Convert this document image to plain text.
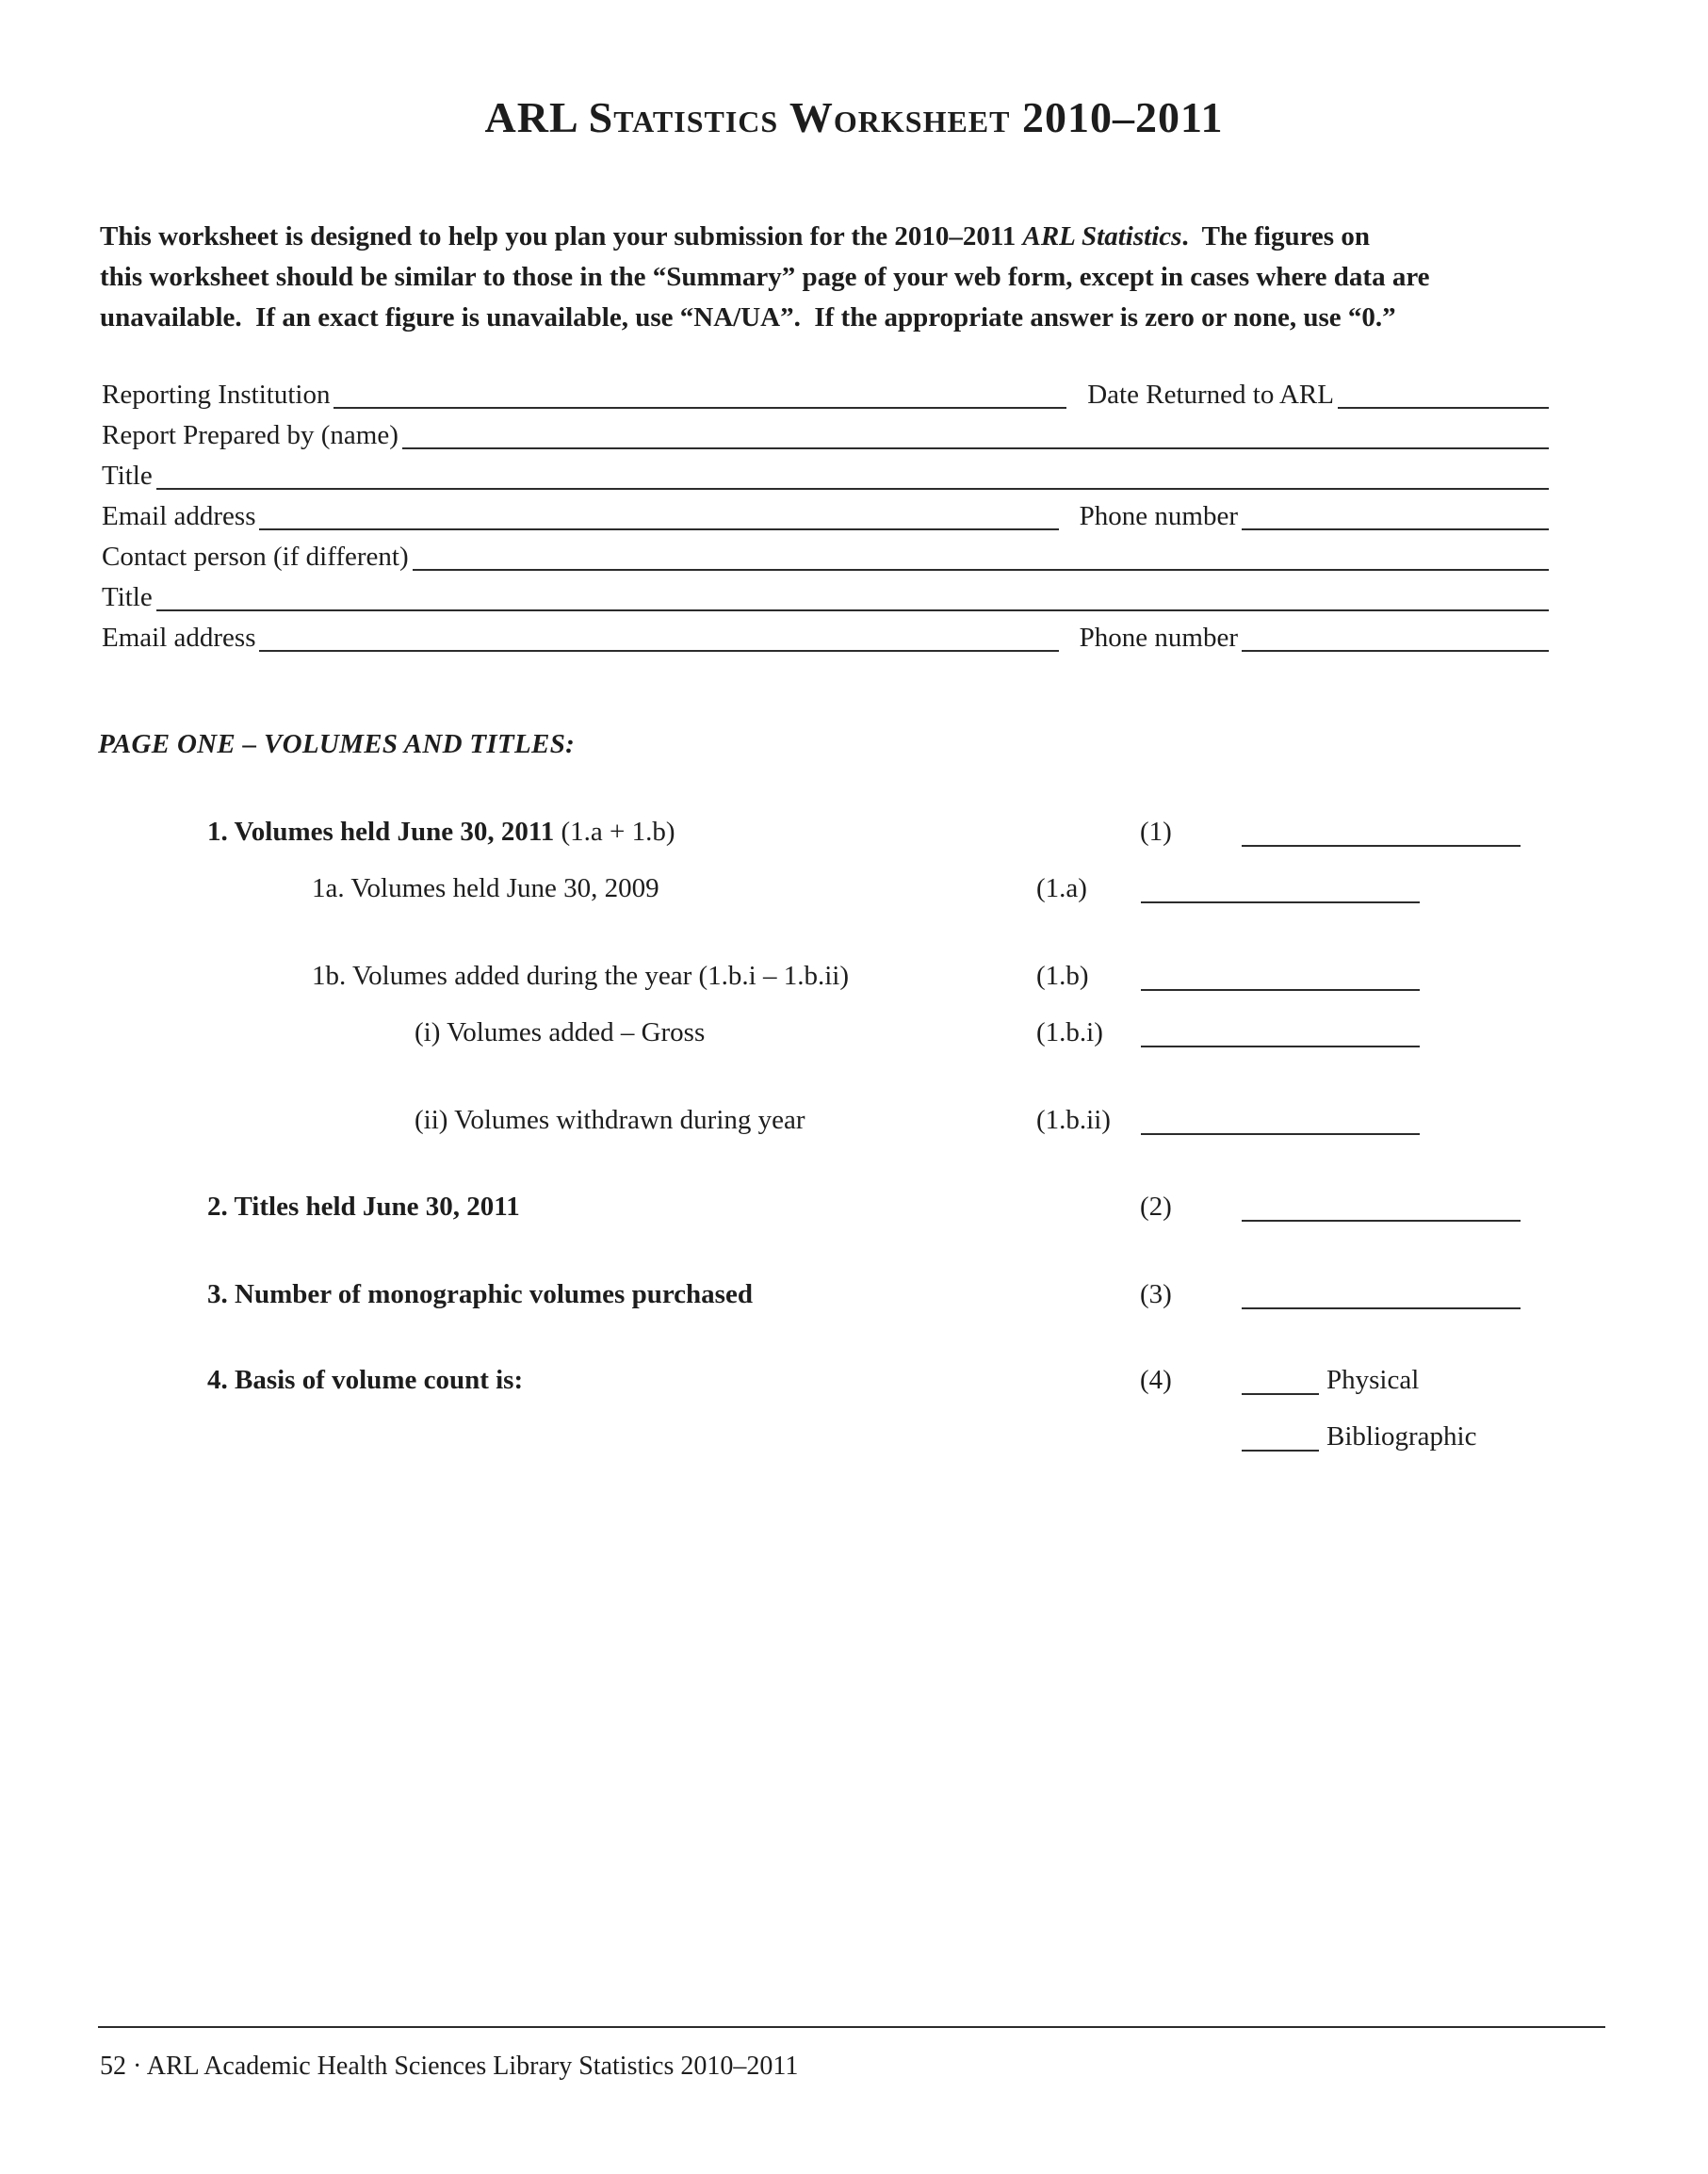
ARL Statistics Worksheet 2010–2011
This worksheet is designed to help you plan your submission for the 2010–2011 ARL Statistics.  The figures on
this worksheet should be similar to those in the “Summary” page of your web form, except in cases where data are
unavailable.  If an exact figure is unavailable, use “NA/UA”.  If the appropriate answer is zero or none, use “0.”
Reporting Institution	Date Returned to ARL
Report Prepared by (name)
Title
Email address	Phone number
Contact person (if different)
Title
Email address	Phone number
PAGE ONE – VOLUMES AND TITLES:
1. Volumes held June 30, 2011 (1.a + 1.b)	(1)
1a. Volumes held June 30, 2009	(1.a)
1b. Volumes added during the year (1.b.i – 1.b.ii)	(1.b)
(i) Volumes added – Gross	(1.b.i)
(ii) Volumes withdrawn during year	(1.b.ii)
2. Titles held June 30, 2011	(2)
3. Number of monographic volumes purchased	(3)
4. Basis of volume count is:	(4)	Physical
Bibliographic
52 · ARL Academic Health Sciences Library Statistics 2010–2011
